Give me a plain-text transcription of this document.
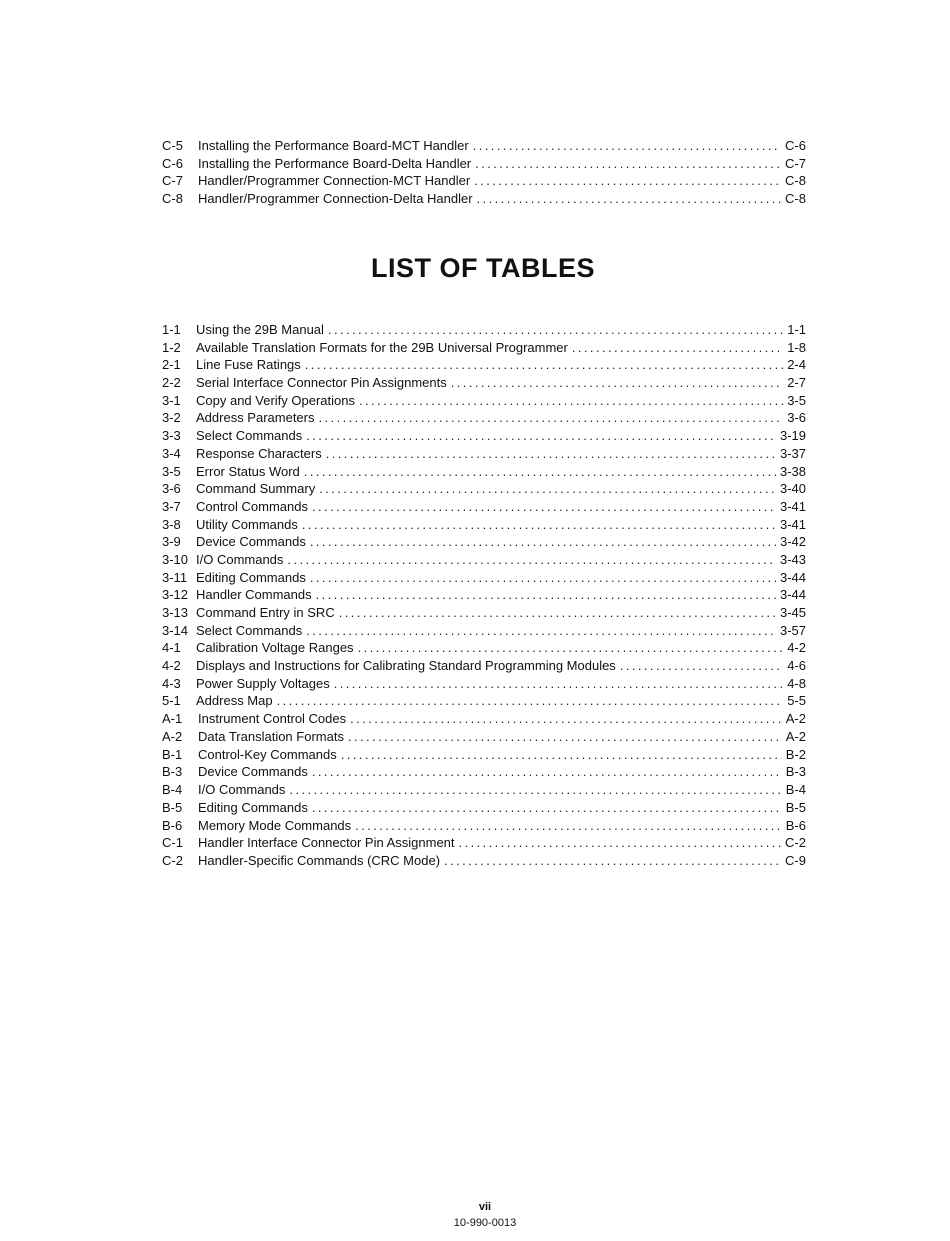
C-5	Installing the Performance Board-MCT Handler . . .	C-6
C-6	Installing the Performance Board-Delta Handler . . .	C-7
C-7	Handler/Programmer Connection-MCT Handler . . .	C-8
C-8	Handler/Programmer Connection-Delta Handler . . .	C-8
LIST OF TABLES
1-1	Using the 29B Manual . . .	1-1
1-2	Available Translation Formats for the 29B Universal Programmer . . .	1-8
2-1	Line Fuse Ratings . . .	2-4
2-2	Serial Interface Connector Pin Assignments . . .	2-7
3-1	Copy and Verify Operations . . .	3-5
3-2	Address Parameters . . .	3-6
3-3	Select Commands . . .	3-19
3-4	Response Characters . . .	3-37
3-5	Error Status Word . . .	3-38
3-6	Command Summary . . .	3-40
3-7	Control Commands . . .	3-41
3-8	Utility Commands . . .	3-41
3-9	Device Commands . . .	3-42
3-10 I/O Commands . . .	3-43
3-11 Editing Commands . . .	3-44
3-12 Handler Commands . . .	3-44
3-13 Command Entry in SRC . . .	3-45
3-14 Select Commands . . .	3-57
4-1	Calibration Voltage Ranges . . .	4-2
4-2	Displays and Instructions for Calibrating Standard Programming Modules . . .	4-6
4-3	Power Supply Voltages . . .	4-8
5-1	Address Map . . .	5-5
A-1	Instrument Control Codes . . .	A-2
A-2	Data Translation Formats . . .	A-2
B-1	Control-Key Commands . . .	B-2
B-3	Device Commands . . .	B-3
B-4	I/O Commands . . .	B-4
B-5	Editing Commands . . .	B-5
B-6	Memory Mode Commands . . .	B-6
C-1	Handler Interface Connector Pin Assignment . . .	C-2
C-2	Handler-Specific Commands (CRC Mode) . . .	C-9
vii
10-990-0013
